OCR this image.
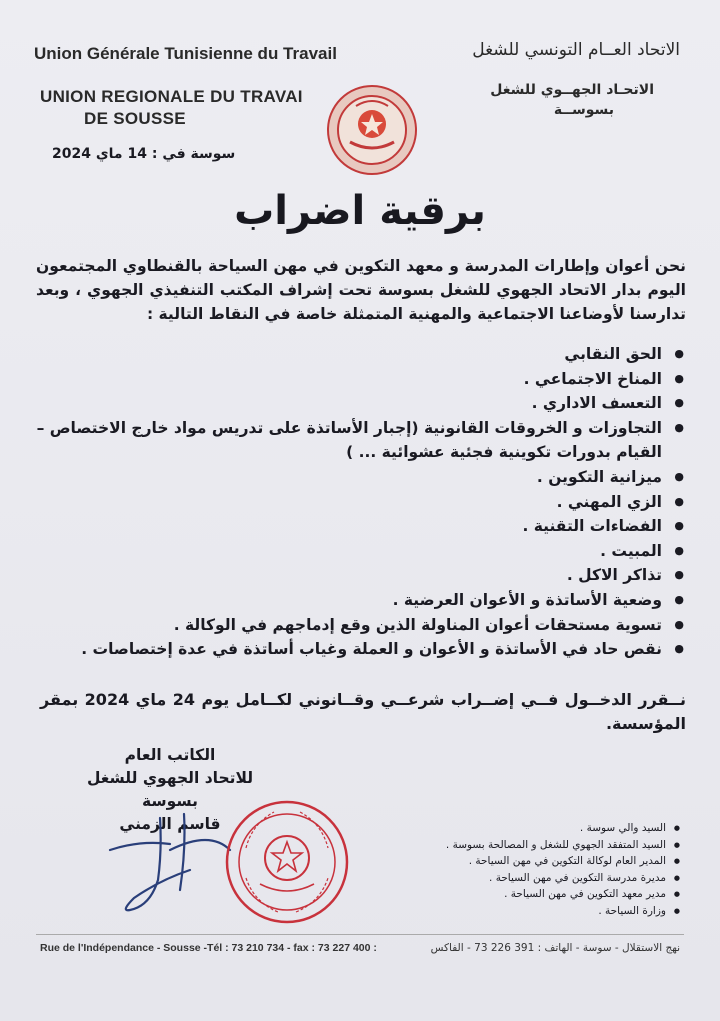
Union Générale Tunisienne du Travail	الاتحاد العــام التونسي للشغل
UNION REGIONALE DU TRAVAI
DE SOUSSE
الاتحـاد الجهــوي للشغل
بسوســة
سوسة في : 14 ماي 2024
برقية اضراب
نحن أعوان وإطارات المدرسة و معهد التكوين في مهن السياحة بالقنطاوي المجتمعون اليوم بدار الاتحاد الجهوي للشغل بسوسة تحت إشراف المكتب التنفيذي الجهوي ، وبعد تدارسنا لأوضاعنا الاجتماعية والمهنية المتمثلة خاصة في النقاط التالية :
● الحق النقابي
● المناخ الاجتماعي .
● التعسف الاداري .
● التجاوزات و الخروقات القانونية (إجبار الأساتذة على تدريس مواد خارج الاختصاص – القيام بدورات تكوينية فجئية عشوائية ... )
● ميزانية التكوين .
● الزي المهني .
● الفضاءات التقنية .
● المبيت .
● تذاكر الاكل .
● وضعية الأساتذة و الأعوان العرضية .
● تسوية مستحقات أعوان المناولة الذين وقع إدماجهم في الوكالة .
● نقص حاد في الأساتذة و الأعوان و العملة وغياب أساتذة في عدة إختصاصات .
نــقرر الدخــول فــي إضــراب شرعــي وقــانوني لكــامل يوم 24 ماي 2024 بمقر المؤسسة.
الكاتب العام
للاتحاد الجهوي للشغل بسوسة
قاسم الزمني
●	السيد والي سوسة .
● السيد المتفقد الجهوي للشغل و المصالحة بسوسة .
● المدير العام لوكالة التكوين في مهن السياحة .
● مديرة مدرسة التكوين في مهن السياحة .
● مدير معهد التكوين في مهن السياحة .
● وزارة السياحة .
Rue de l'Indépendance - Sousse -Tél : 73 210 734 - fax : 73 227 400 :	نهج الاستقلال - سوسة - الهاتف : 391 226 73 - الفاكس
